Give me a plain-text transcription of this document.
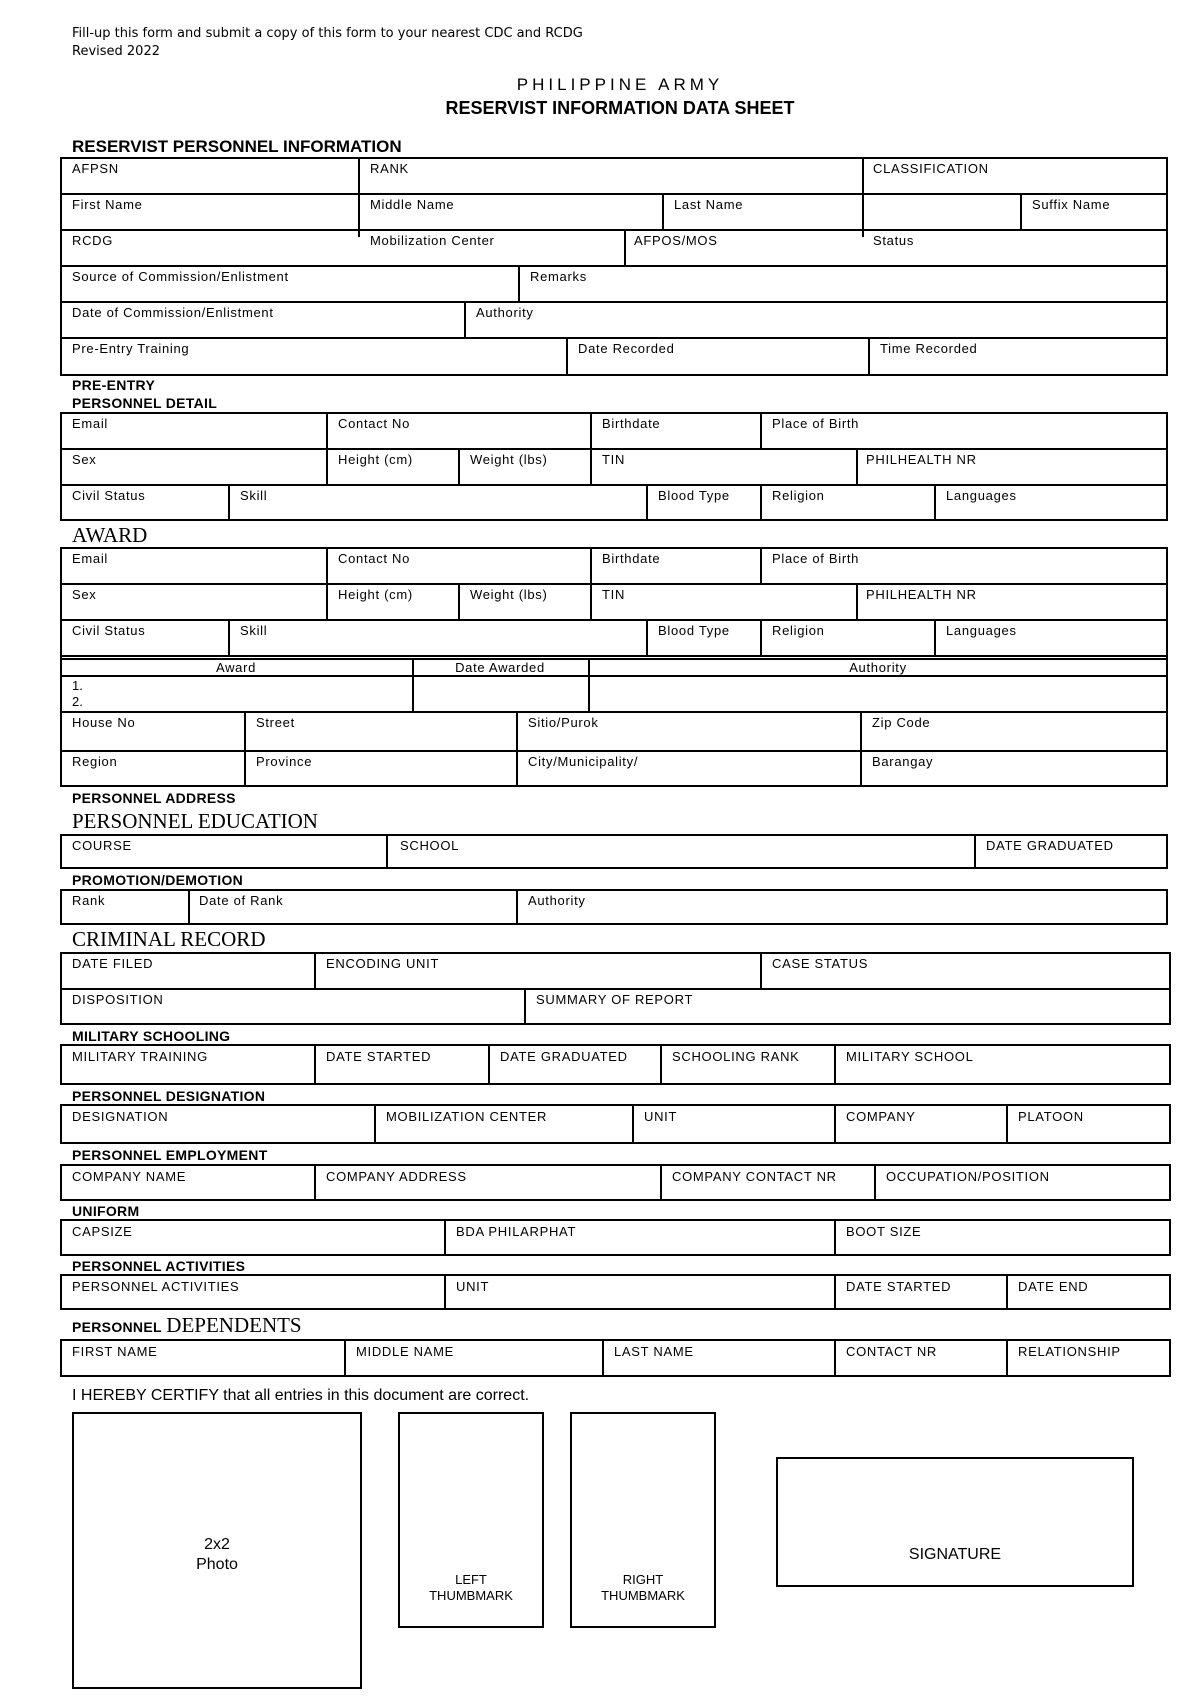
Fill-up this form and submit a copy of this form to your nearest CDC and RCDG
Revised 2022
PHILIPPINE ARMY
RESERVIST INFORMATION DATA SHEET
RESERVIST PERSONNEL INFORMATION
AFPSN	RANK	CLASSIFICATION
First Name	Middle Name	Last Name	Suffix Name
RCDG	Mobilization Center	AFPOS/MOS	Status
Source of Commission/Enlistment	Remarks
Date of Commission/Enlistment	Authority
Pre-Entry Training	Date Recorded	Time Recorded
PRE-ENTRY
PERSONNEL DETAIL
Email	Contact No	Birthdate	Place of Birth
Sex	Height (cm)	Weight (lbs)	TIN	PHILHEALTH NR
Civil Status	Skill	Blood Type	Religion	Languages
AWARD
Email	Contact No	Birthdate	Place of Birth
Sex	Height (cm)	Weight (lbs)	TIN	PHILHEALTH NR
Civil Status	Skill	Blood Type	Religion	Languages
Award	Date Awarded	Authority
1.
2.
House No	Street	Sitio/Purok	Zip Code
Region	Province	City/Municipality/	Barangay
PERSONNEL ADDRESS
PERSONNEL EDUCATION
COURSE	SCHOOL	DATE GRADUATED
PROMOTION/DEMOTION
Rank	Date of Rank	Authority
CRIMINAL RECORD
DATE FILED	ENCODING UNIT	CASE STATUS
DISPOSITION	SUMMARY OF REPORT
MILITARY SCHOOLING
MILITARY TRAINING	DATE STARTED	DATE GRADUATED	SCHOOLING RANK	MILITARY SCHOOL
PERSONNEL DESIGNATION
DESIGNATION	MOBILIZATION CENTER	UNIT	COMPANY	PLATOON
PERSONNEL EMPLOYMENT
COMPANY NAME	COMPANY ADDRESS	COMPANY CONTACT NR	OCCUPATION/POSITION
UNIFORM
CAPSIZE	BDA PHILARPHAT	BOOT SIZE
PERSONNEL ACTIVITIES
PERSONNEL ACTIVITIES	UNIT	DATE STARTED	DATE END
PERSONNEL DEPENDENTS
FIRST NAME	MIDDLE NAME	LAST NAME	CONTACT NR	RELATIONSHIP
I HEREBY CERTIFY that all entries in this document are correct.
2x2
Photo
LEFT
THUMBMARK
RIGHT
THUMBMARK
SIGNATURE
